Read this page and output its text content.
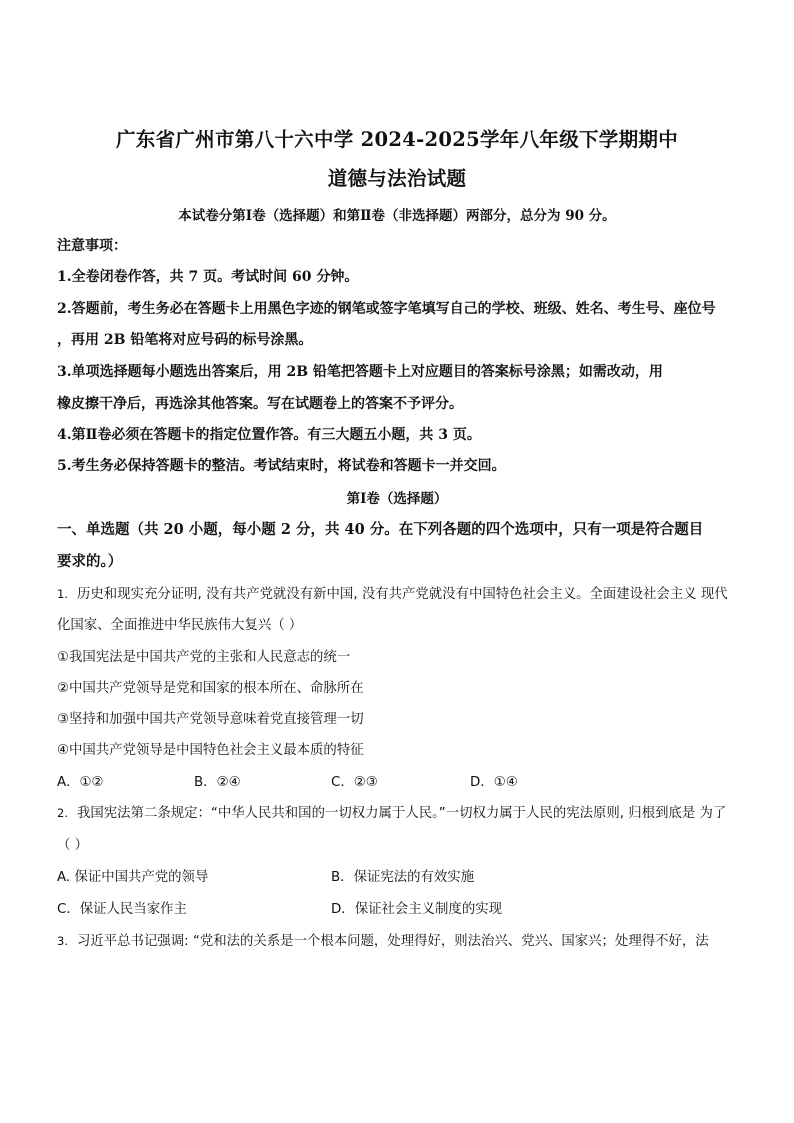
广东省广州市第八十六中学 2024-2025学年八年级下学期期中
道德与法治试题
本试卷分第Ⅰ卷（选择题）和第Ⅱ卷（非选择题）两部分，总分为 90 分。
注意事项：
1.全卷闭卷作答，共 7 页。考试时间 60 分钟。
2.答题前，考生务必在答题卡上用黑色字迹的钢笔或签字笔填写自己的学校、班级、姓名、考生号、座位号
，再用 2B 铅笔将对应号码的标号涂黑。
3.单项选择题每小题选出答案后，用 2B 铅笔把答题卡上对应题目的答案标号涂黑；如需改动，用
橡皮擦干净后，再选涂其他答案。写在试题卷上的答案不予评分。
4.第Ⅱ卷必须在答题卡的指定位置作答。有三大题五小题，共 3 页。
5.考生务必保持答题卡的整洁。考试结束时，将试卷和答题卡一并交回。
第Ⅰ卷（选择题）
一、单选题（共 20 小题，每小题 2 分，共 40 分。在下列各题的四个选项中，只有一项是符合题目
要求的。）
1. 历史和现实充分证明, 没有共产党就没有新中国, 没有共产党就没有中国特色社会主义。全面建设社会主义 现代
化国家、全面推进中华民族伟大复兴（ ）
①我国宪法是中国共产党的主张和人民意志的统一
②中国共产党领导是党和国家的根本所在、命脉所在
③坚持和加强中国共产党领导意味着党直接管理一切
④中国共产党领导是中国特色社会主义最本质的特征
A．①②	B．②④	C．②③	D．①④
2. 我国宪法第二条规定：“中华人民共和国的一切权力属于人民。”一切权力属于人民的宪法原则, 归根到底是 为了
（ ）
A. 保证中国共产党的领导	B．保证宪法的有效实施
C．保证人民当家作主	D．保证社会主义制度的实现
3. 习近平总书记强调: “党和法的关系是一个根本问题，处理得好，则法治兴、党兴、国家兴；处理得不好，法
